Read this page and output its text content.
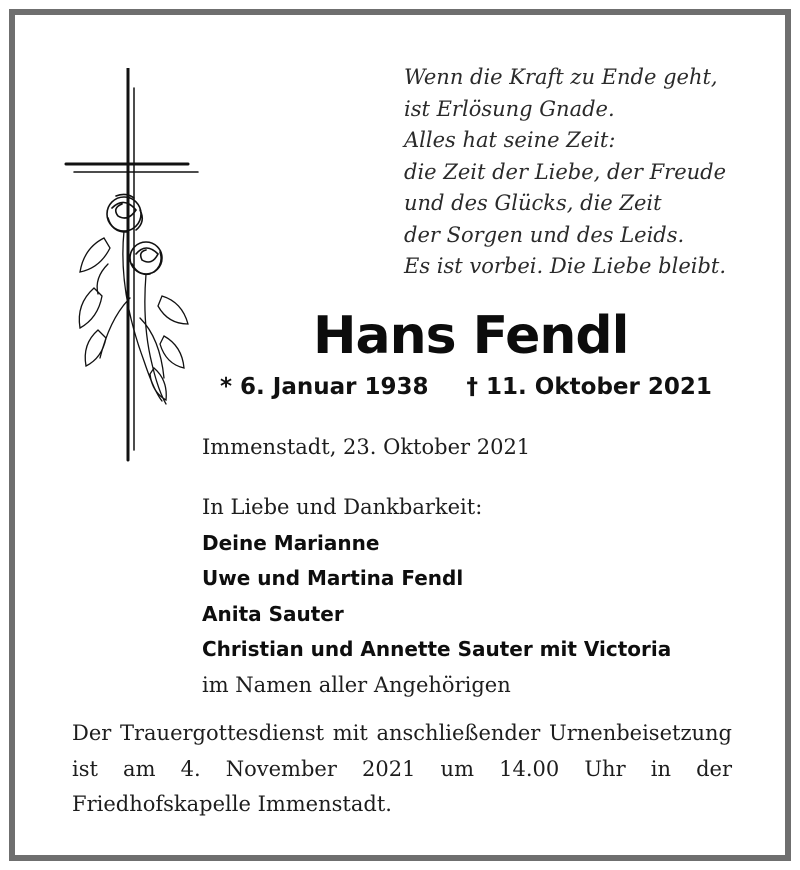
Wenn die Kraft zu Ende geht,
ist Erlösung Gnade.
Alles hat seine Zeit:
die Zeit der Liebe, der Freude
und des Glücks, die Zeit
der Sorgen und des Leids.
Es ist vorbei. Die Liebe bleibt.
Hans Fendl
* 6. Januar 1938 † 11. Oktober 2021
Immenstadt, 23. Oktober 2021
In Liebe und Dankbarkeit:
Deine Marianne
Uwe und Martina Fendl
Anita Sauter
Christian und Annette Sauter mit Victoria
im Namen aller Angehörigen
Der Trauergottesdienst mit anschließender Urnenbeisetzung ist am 4. November 2021 um 14.00 Uhr in der Friedhofskapelle Immenstadt.
